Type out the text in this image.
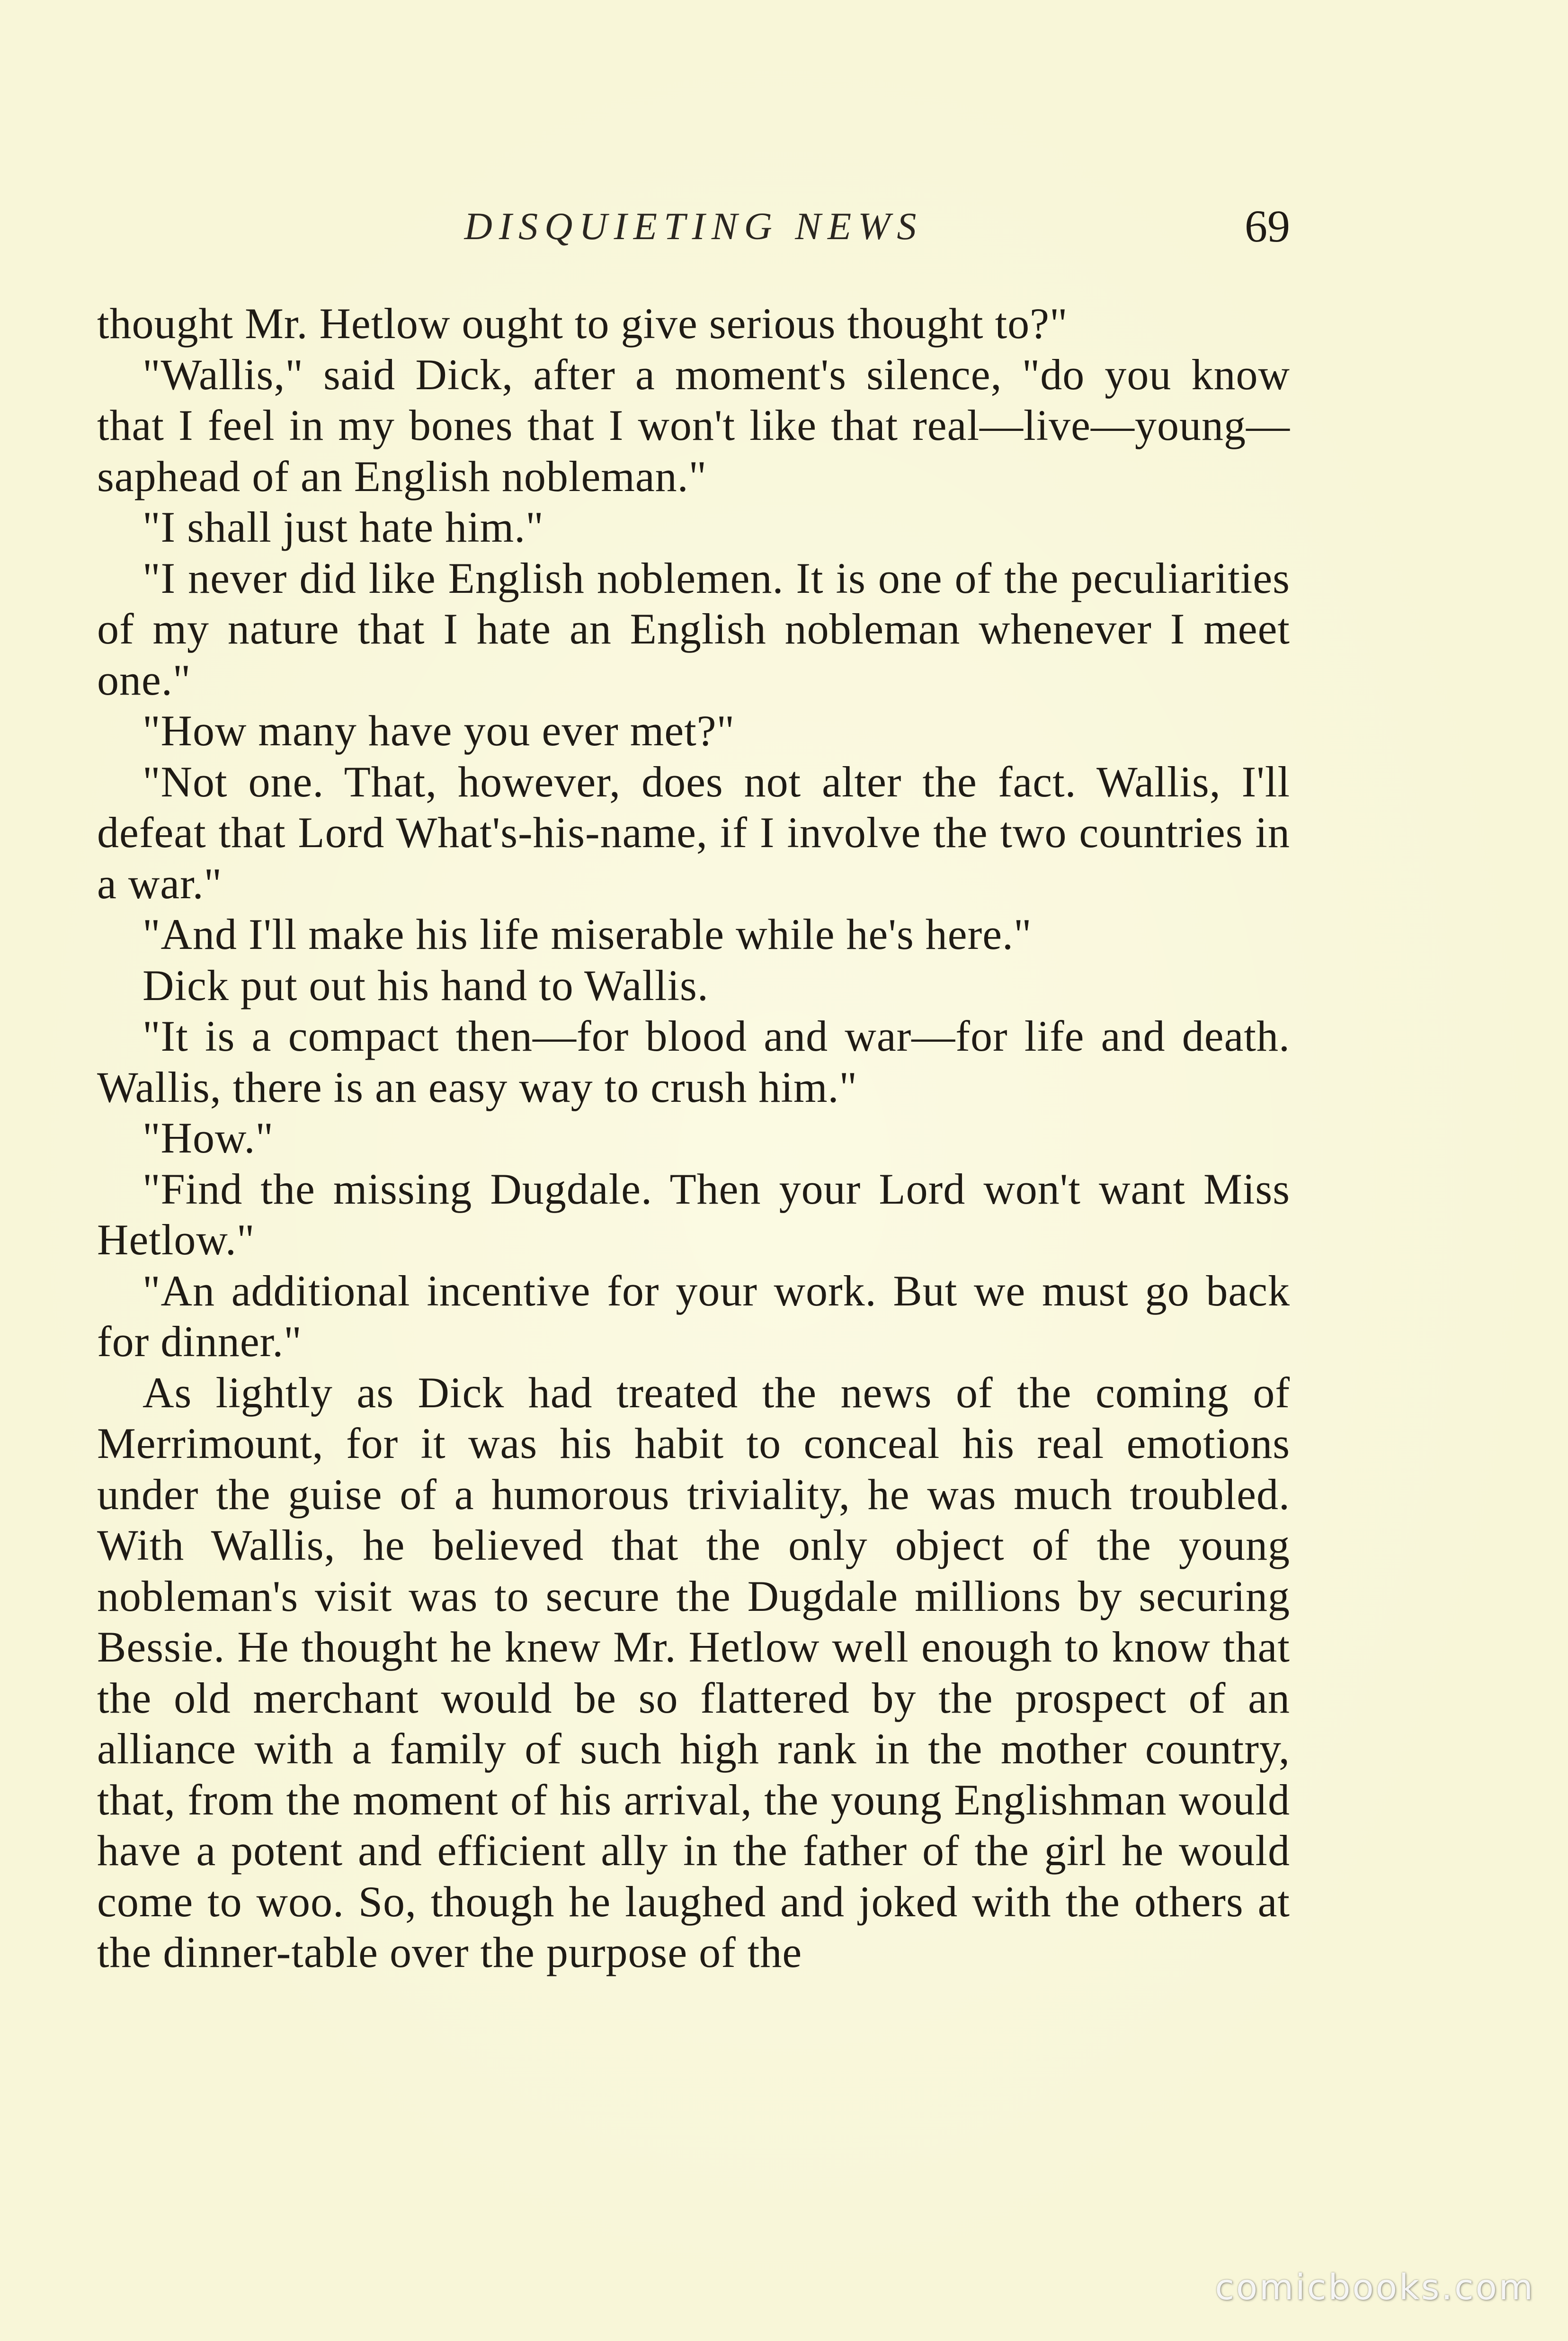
DISQUIETING NEWS	69

thought Mr. Hetlow ought to give serious thought to?"

"Wallis," said Dick, after a moment's silence, "do you know that I feel in my bones that I won't like that real—live—young—saphead of an English nobleman."

"I shall just hate him."

"I never did like English noblemen. It is one of the peculiarities of my nature that I hate an English nobleman whenever I meet one."

"How many have you ever met?"

"Not one. That, however, does not alter the fact. Wallis, I'll defeat that Lord What's-his-name, if I involve the two countries in a war."

"And I'll make his life miserable while he's here."

Dick put out his hand to Wallis.

"It is a compact then—for blood and war—for life and death. Wallis, there is an easy way to crush him."

"How."

"Find the missing Dugdale. Then your Lord won't want Miss Hetlow."

"An additional incentive for your work. But we must go back for dinner."

As lightly as Dick had treated the news of the coming of Merrimount, for it was his habit to conceal his real emotions under the guise of a humorous triviality, he was much troubled. With Wallis, he believed that the only object of the young nobleman's visit was to secure the Dugdale millions by securing Bessie. He thought he knew Mr. Hetlow well enough to know that the old merchant would be so flattered by the prospect of an alliance with a family of such high rank in the mother country, that, from the moment of his arrival, the young Englishman would have a potent and efficient ally in the father of the girl he would come to woo. So, though he laughed and joked with the others at the dinner-table over the purpose of the

comicbooks.com
